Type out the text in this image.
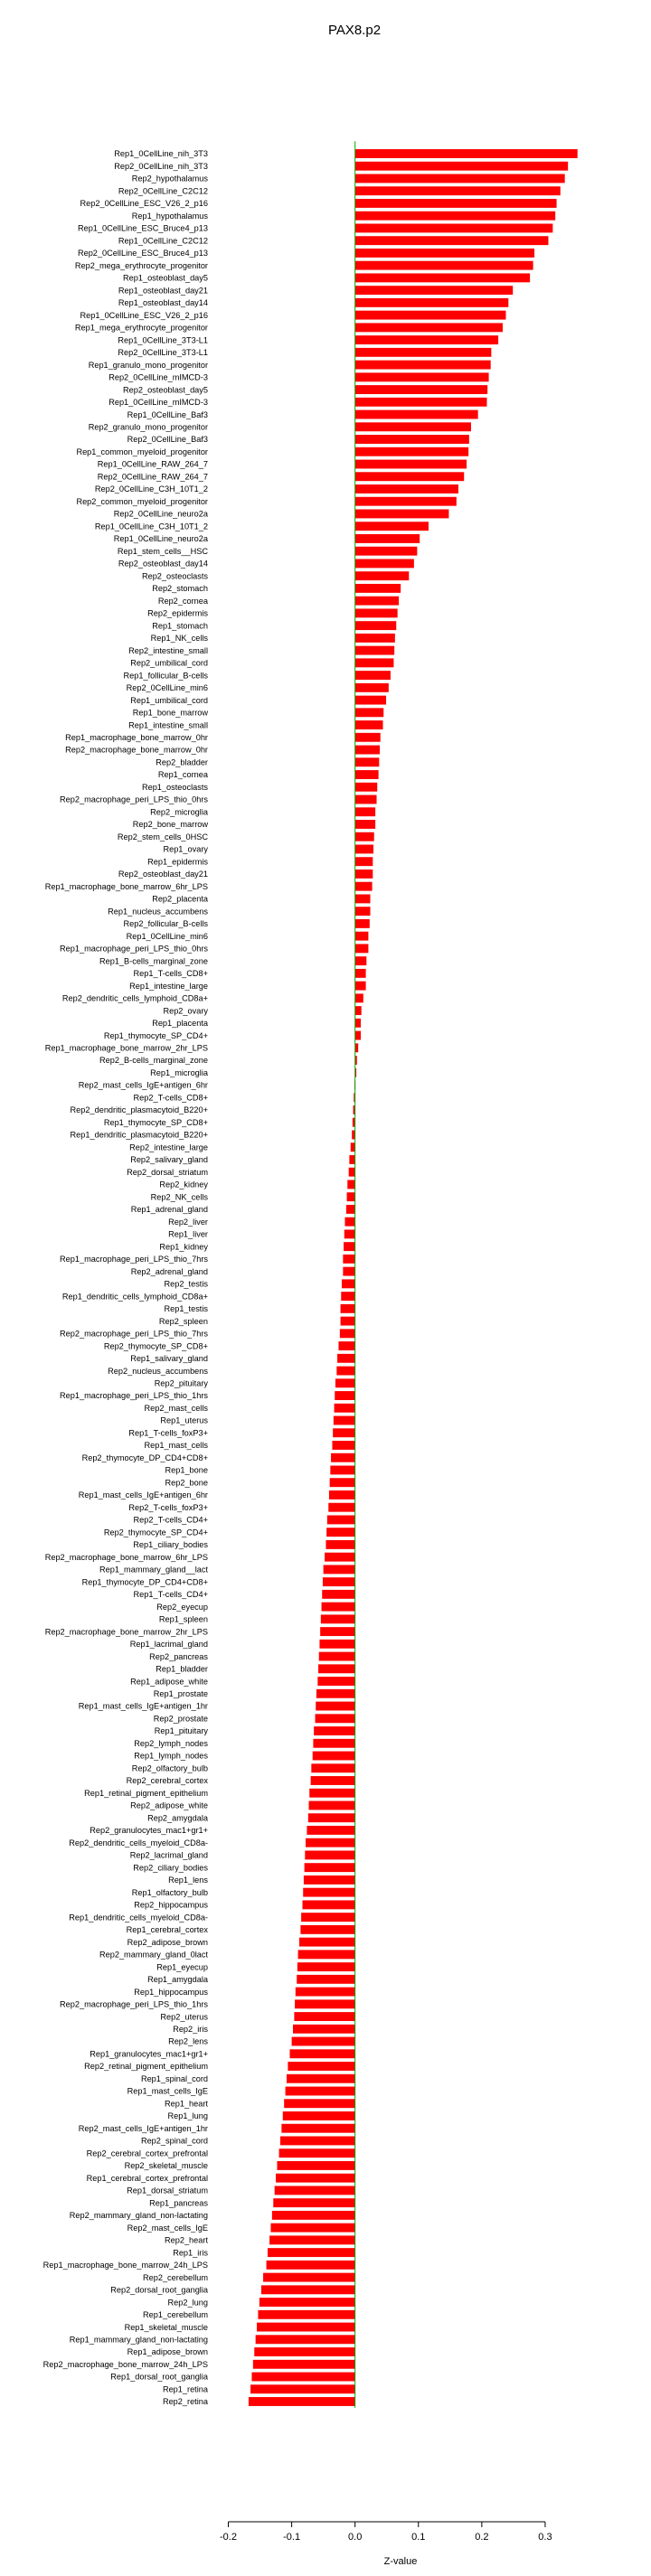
PAX8.p2
Rep1_0CellLine_nih_3T3
Rep2_0CellLine_nih_3T3
Rep2_hypothalamus
Rep2_0CellLine_C2C12
Rep2_0CellLine_ESC_V26_2_p16
Rep1_hypothalamus
Rep1_0CellLine_ESC_Bruce4_p13
Rep1_0CellLine_C2C12
Rep2_0CellLine_ESC_Bruce4_p13
Rep2_mega_erythrocyte_progenitor
Rep1_osteoblast_day5
Rep1_osteoblast_day21
Rep1_osteoblast_day14
Rep1_0CellLine_ESC_V26_2_p16
Rep1_mega_erythrocyte_progenitor
Rep1_0CellLine_3T3-L1
Rep2_0CellLine_3T3-L1
Rep1_granulo_mono_progenitor
Rep2_0CellLine_mIMCD-3
Rep2_osteoblast_day5
Rep1_0CellLine_mIMCD-3
Rep1_0CellLine_Baf3
Rep2_granulo_mono_progenitor
Rep2_0CellLine_Baf3
Rep1_common_myeloid_progenitor
Rep1_0CellLine_RAW_264_7
Rep2_0CellLine_RAW_264_7
Rep2_0CellLine_C3H_10T1_2
Rep2_common_myeloid_progenitor
Rep2_0CellLine_neuro2a
Rep1_0CellLine_C3H_10T1_2
Rep1_0CellLine_neuro2a
Rep1_stem_cells__HSC
Rep2_osteoblast_day14
Rep2_osteoclasts
Rep2_stomach
Rep2_cornea
Rep2_epidermis
Rep1_stomach
Rep1_NK_cells
Rep2_intestine_small
Rep2_umbilical_cord
Rep1_follicular_B-cells
Rep2_0CellLine_min6
Rep1_umbilical_cord
Rep1_bone_marrow
Rep1_intestine_small
Rep1_macrophage_bone_marrow_0hr
Rep2_macrophage_bone_marrow_0hr
Rep2_bladder
Rep1_cornea
Rep1_osteoclasts
Rep2_macrophage_peri_LPS_thio_0hrs
Rep2_microglia
Rep2_bone_marrow
Rep2_stem_cells_0HSC
Rep1_ovary
Rep1_epidermis
Rep2_osteoblast_day21
Rep1_macrophage_bone_marrow_6hr_LPS
Rep2_placenta
Rep1_nucleus_accumbens
Rep2_follicular_B-cells
Rep1_0CellLine_min6
Rep1_macrophage_peri_LPS_thio_0hrs
Rep1_B-cells_marginal_zone
Rep1_T-cells_CD8+
Rep1_intestine_large
Rep2_dendritic_cells_lymphoid_CD8a+
Rep2_ovary
Rep1_placenta
Rep1_thymocyte_SP_CD4+
Rep1_macrophage_bone_marrow_2hr_LPS
Rep2_B-cells_marginal_zone
Rep1_microglia
Rep2_mast_cells_IgE+antigen_6hr
Rep2_T-cells_CD8+
Rep2_dendritic_plasmacytoid_B220+
Rep1_thymocyte_SP_CD8+
Rep1_dendritic_plasmacytoid_B220+
Rep2_intestine_large
Rep2_salivary_gland
Rep2_dorsal_striatum
Rep2_kidney
Rep2_NK_cells
Rep1_adrenal_gland
Rep2_liver
Rep1_liver
Rep1_kidney
Rep1_macrophage_peri_LPS_thio_7hrs
Rep2_adrenal_gland
Rep2_testis
Rep1_dendritic_cells_lymphoid_CD8a+
Rep1_testis
Rep2_spleen
Rep2_macrophage_peri_LPS_thio_7hrs
Rep2_thymocyte_SP_CD8+
Rep1_salivary_gland
Rep2_nucleus_accumbens
Rep2_pituitary
Rep1_macrophage_peri_LPS_thio_1hrs
Rep2_mast_cells
Rep1_uterus
Rep1_T-cells_foxP3+
Rep1_mast_cells
Rep2_thymocyte_DP_CD4+CD8+
Rep1_bone
Rep2_bone
Rep1_mast_cells_IgE+antigen_6hr
Rep2_T-cells_foxP3+
Rep2_T-cells_CD4+
Rep2_thymocyte_SP_CD4+
Rep1_ciliary_bodies
Rep2_macrophage_bone_marrow_6hr_LPS
Rep1_mammary_gland__lact
Rep1_thymocyte_DP_CD4+CD8+
Rep1_T-cells_CD4+
Rep2_eyecup
Rep1_spleen
Rep2_macrophage_bone_marrow_2hr_LPS
Rep1_lacrimal_gland
Rep2_pancreas
Rep1_bladder
Rep1_adipose_white
Rep1_prostate
Rep1_mast_cells_IgE+antigen_1hr
Rep2_prostate
Rep1_pituitary
Rep2_lymph_nodes
Rep1_lymph_nodes
Rep2_olfactory_bulb
Rep2_cerebral_cortex
Rep1_retinal_pigment_epithelium
Rep2_adipose_white
Rep2_amygdala
Rep2_granulocytes_mac1+gr1+
Rep2_dendritic_cells_myeloid_CD8a-
Rep2_lacrimal_gland
Rep2_ciliary_bodies
Rep1_lens
Rep1_olfactory_bulb
Rep2_hippocampus
Rep1_dendritic_cells_myeloid_CD8a-
Rep1_cerebral_cortex
Rep2_adipose_brown
Rep2_mammary_gland_0lact
Rep1_eyecup
Rep1_amygdala
Rep1_hippocampus
Rep2_macrophage_peri_LPS_thio_1hrs
Rep2_uterus
Rep2_iris
Rep2_lens
Rep1_granulocytes_mac1+gr1+
Rep2_retinal_pigment_epithelium
Rep1_spinal_cord
Rep1_mast_cells_IgE
Rep1_heart
Rep1_lung
Rep2_mast_cells_IgE+antigen_1hr
Rep2_spinal_cord
Rep2_cerebral_cortex_prefrontal
Rep2_skeletal_muscle
Rep1_cerebral_cortex_prefrontal
Rep1_dorsal_striatum
Rep1_pancreas
Rep2_mammary_gland_non-lactating
Rep2_mast_cells_IgE
Rep2_heart
Rep1_iris
Rep1_macrophage_bone_marrow_24h_LPS
Rep2_cerebellum
Rep2_dorsal_root_ganglia
Rep2_lung
Rep1_cerebellum
Rep1_skeletal_muscle
Rep1_mammary_gland_non-lactating
Rep1_adipose_brown
Rep2_macrophage_bone_marrow_24h_LPS
Rep1_dorsal_root_ganglia
Rep1_retina
Rep2_retina
-0.2	-0.1	0.0	0.1	0.2	0.3
Z-value
